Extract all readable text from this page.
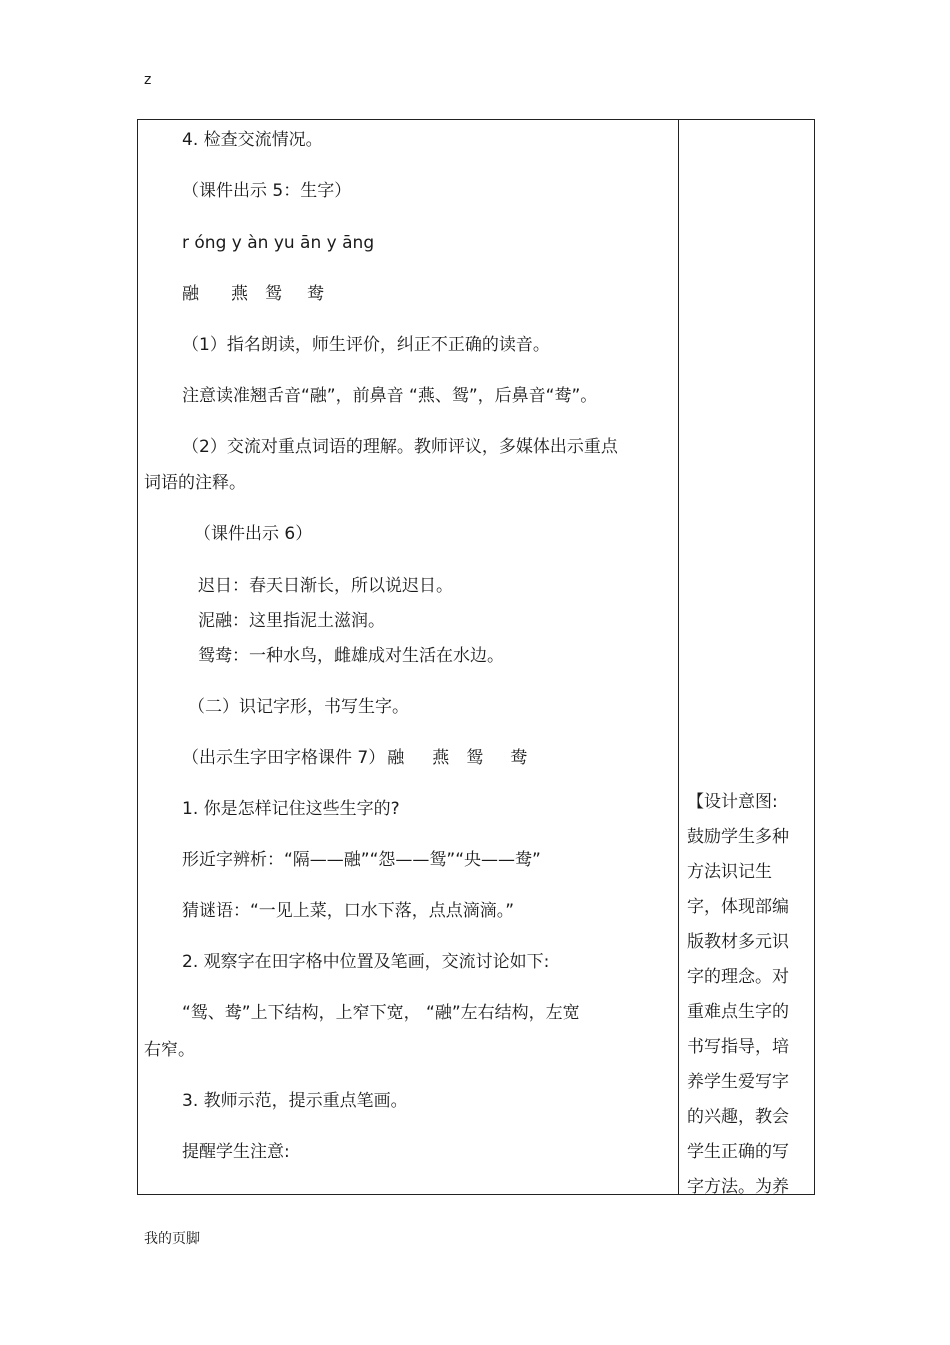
z
4. 检查交流情况。
（课件出示 5：生字）
r óng y àn yu ān y āng
融 燕 鸳 鸯
（1）指名朗读，师生评价，纠正不正确的读音。
注意读准翘舌音“融”，前鼻音 “燕、鸳”，后鼻音“鸯”。
（2）交流对重点词语的理解。教师评议，多媒体出示重点
词语的注释。
（课件出示 6）
迟日：春天日渐长，所以说迟日。
泥融：这里指泥土滋润。
鸳鸯：一种水鸟，雌雄成对生活在水边。
（二）识记字形，书写生字。
（出示生字田字格课件 7） 融 燕 鸳 鸯
1. 你是怎样记住这些生字的?
形近字辨析：“隔——融”“怨——鸳”“央——鸯”
猜谜语：“一见上菜，口水下落，点点滴滴。”
2. 观察字在田字格中位置及笔画，交流讨论如下:
“鸳、鸯”上下结构，上窄下宽， “融”左右结构，左宽
右窄。
3. 教师示范，提示重点笔画。
提醒学生注意:
【设计意图:
鼓励学生多种
方法识记生
字，体现部编
版教材多元识
字的理念。对
重难点生字的
书写指导，培
养学生爱写字
的兴趣，教会
学生正确的写
字方法。为养
我的页脚
